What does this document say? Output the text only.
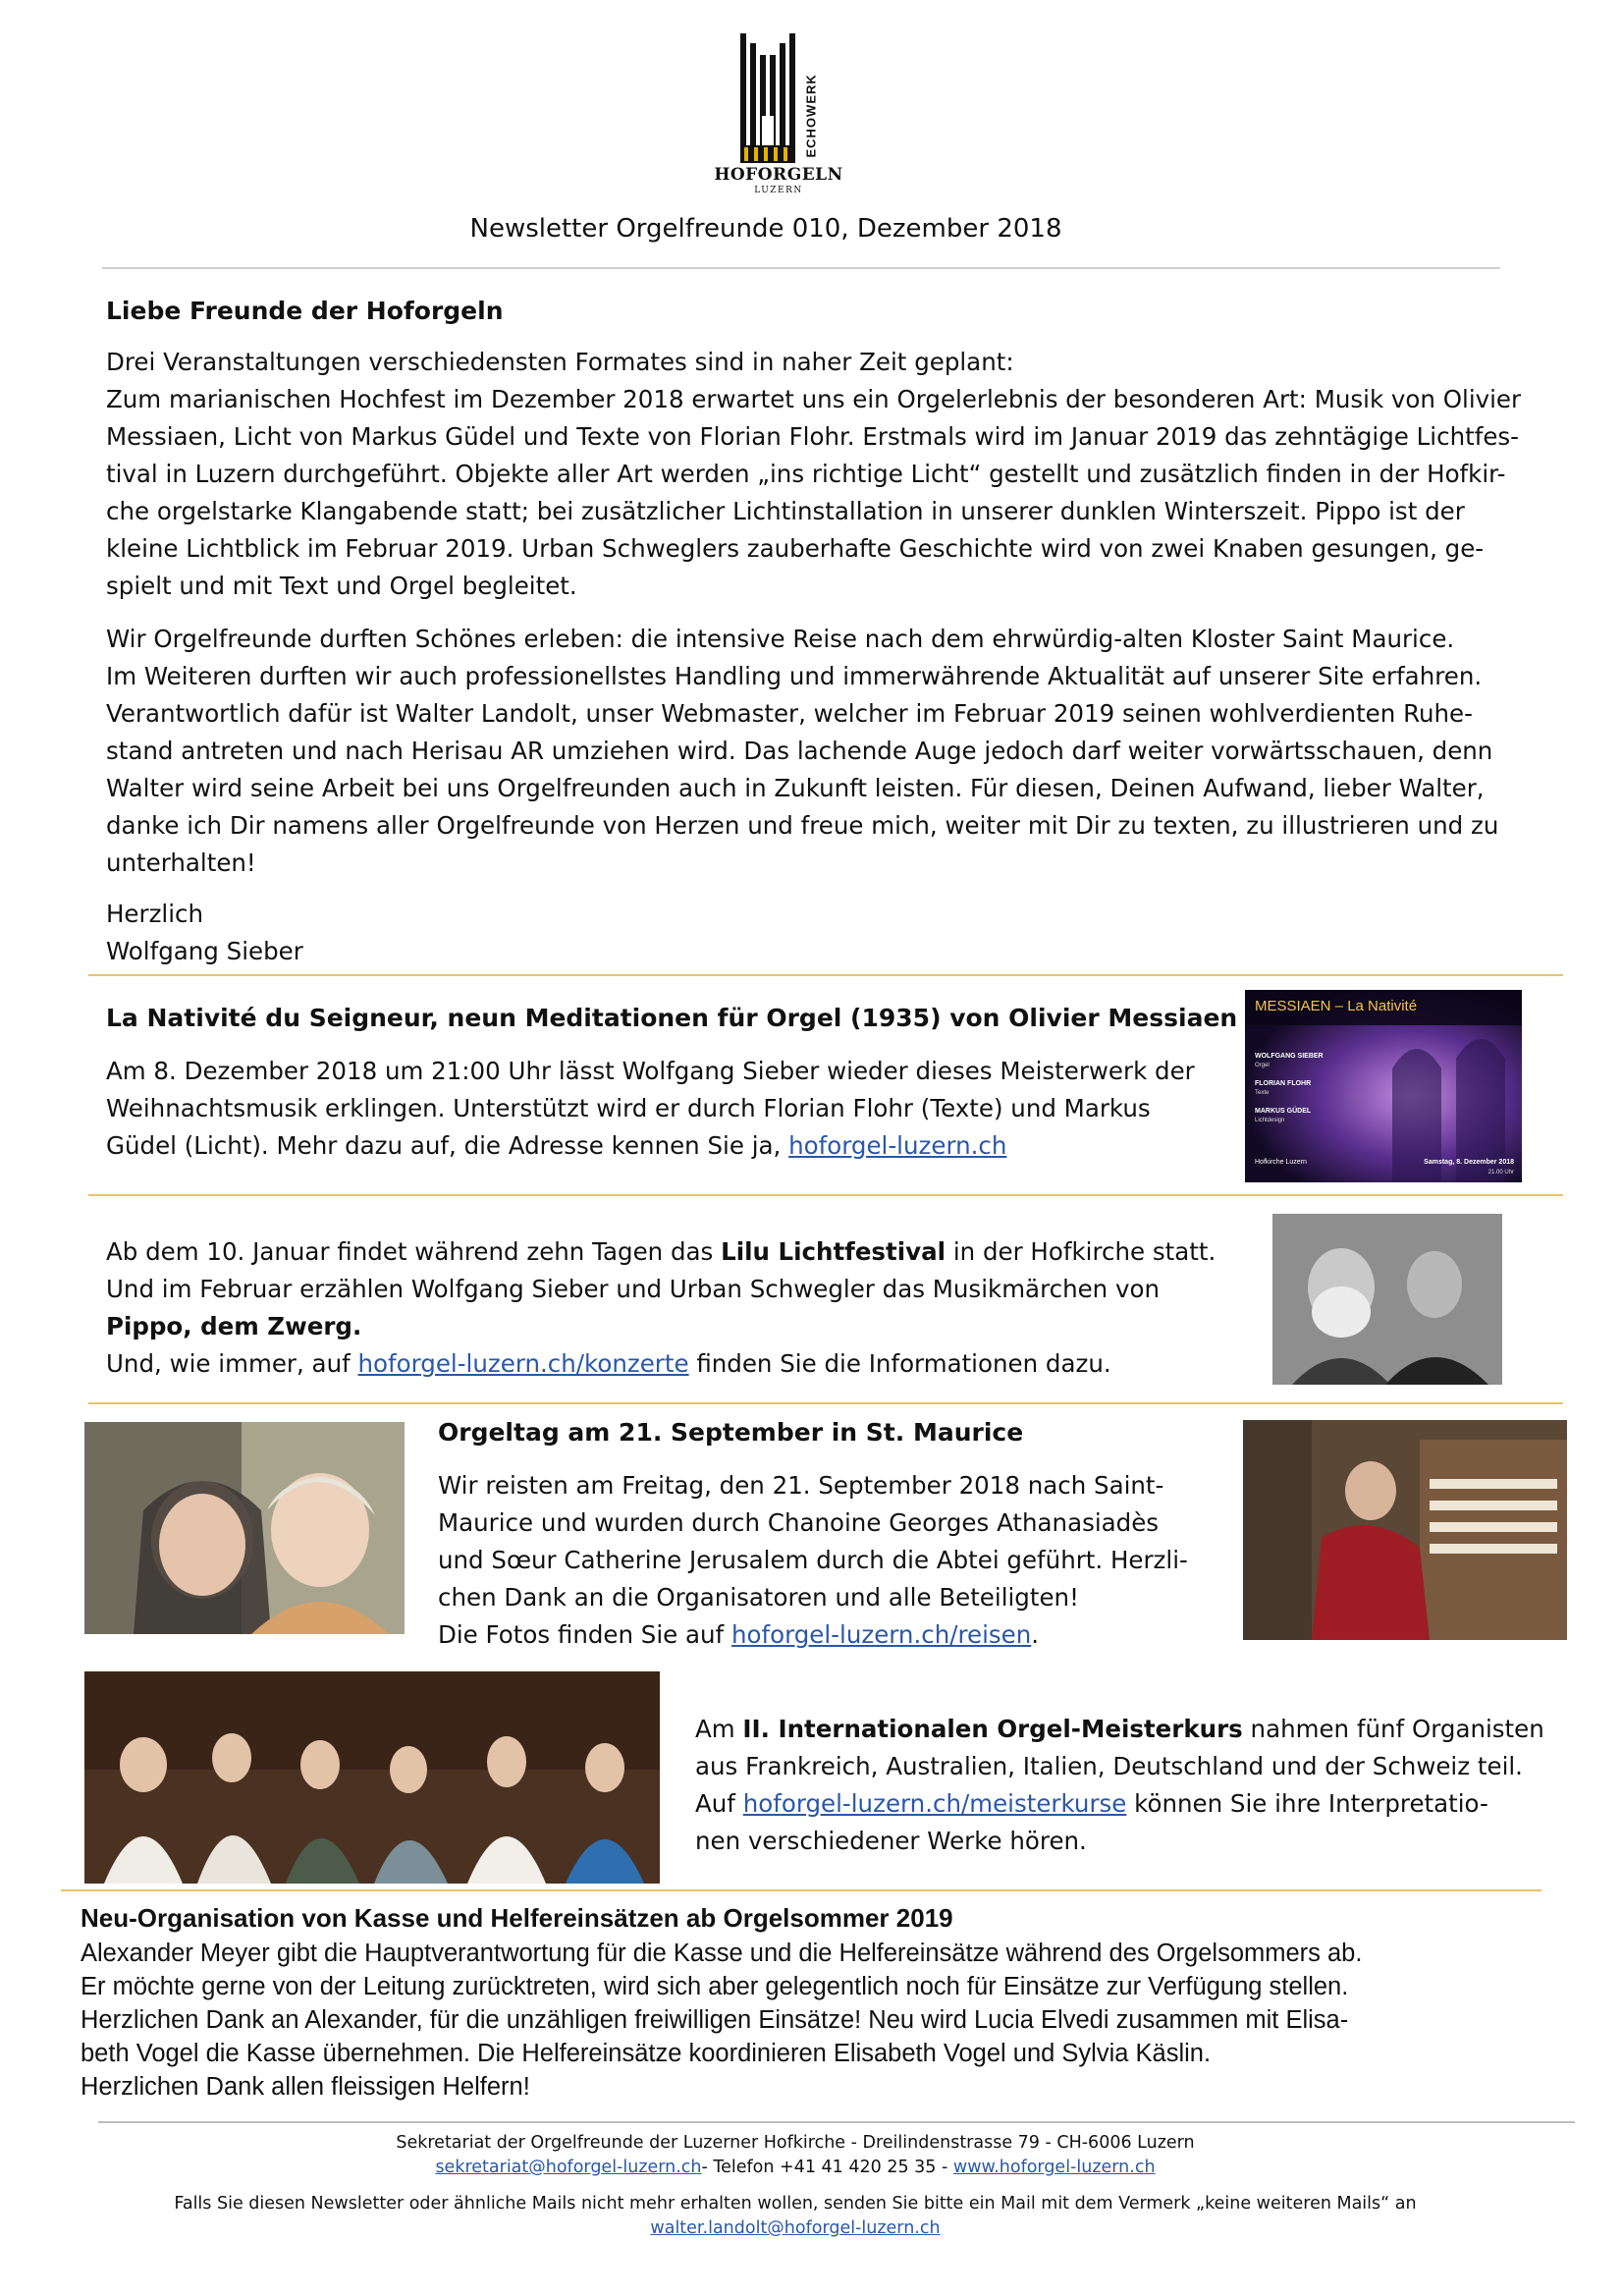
ECHOWERK
HOFORGELN
LUZERN
Newsletter Orgelfreunde 010, Dezember 2018
Liebe Freunde der Hoforgeln
Drei Veranstaltungen verschiedensten Formates sind in naher Zeit geplant:
Zum marianischen Hochfest im Dezember 2018 erwartet uns ein Orgelerlebnis der besonderen Art: Musik von Olivier
Messiaen, Licht von Markus Güdel und Texte von Florian Flohr. Erstmals wird im Januar 2019 das zehntägige Lichtfes-
tival in Luzern durchgeführt. Objekte aller Art werden „ins richtige Licht“ gestellt und zusätzlich finden in der Hofkir-
che orgelstarke Klangabende statt; bei zusätzlicher Lichtinstallation in unserer dunklen Winterszeit. Pippo ist der
kleine Lichtblick im Februar 2019. Urban Schweglers zauberhafte Geschichte wird von zwei Knaben gesungen, ge-
spielt und mit Text und Orgel begleitet.
Wir Orgelfreunde durften Schönes erleben: die intensive Reise nach dem ehrwürdig-alten Kloster Saint Maurice.
Im Weiteren durften wir auch professionellstes Handling und immerwährende Aktualität auf unserer Site erfahren.
Verantwortlich dafür ist Walter Landolt, unser Webmaster, welcher im Februar 2019 seinen wohlverdienten Ruhe-
stand antreten und nach Herisau AR umziehen wird. Das lachende Auge jedoch darf weiter vorwärtsschauen, denn
Walter wird seine Arbeit bei uns Orgelfreunden auch in Zukunft leisten. Für diesen, Deinen Aufwand, lieber Walter,
danke ich Dir namens aller Orgelfreunde von Herzen und freue mich, weiter mit Dir zu texten, zu illustrieren und zu
unterhalten!
Herzlich
Wolfgang Sieber
La Nativité du Seigneur, neun Meditationen für Orgel (1935) von Olivier Messiaen
Am 8. Dezember 2018 um 21:00 Uhr lässt Wolfgang Sieber wieder dieses Meisterwerk der
Weihnachtsmusik erklingen. Unterstützt wird er durch Florian Flohr (Texte) und Markus
Güdel (Licht). Mehr dazu auf, die Adresse kennen Sie ja, hoforgel-luzern.ch
MESSIAEN – La Nativité
WOLFGANG SIEBER
Orgel
FLORIAN FLOHR
Texte
MARKUS GÜDEL
Lichtdesign
Hofkirche Luzern	Samstag, 8. Dezember 2018
21.00 Uhr
Ab dem 10. Januar findet während zehn Tagen das Lilu Lichtfestival in der Hofkirche statt.
Und im Februar erzählen Wolfgang Sieber und Urban Schwegler das Musikmärchen von
Pippo, dem Zwerg.
Und, wie immer, auf hoforgel-luzern.ch/konzerte finden Sie die Informationen dazu.
Orgeltag am 21. September in St. Maurice
Wir reisten am Freitag, den 21. September 2018 nach Saint-
Maurice und wurden durch Chanoine Georges Athanasiadès
und Sœur Catherine Jerusalem durch die Abtei geführt. Herzli-
chen Dank an die Organisatoren und alle Beteiligten!
Die Fotos finden Sie auf hoforgel-luzern.ch/reisen.
Am II. Internationalen Orgel-Meisterkurs nahmen fünf Organisten
aus Frankreich, Australien, Italien, Deutschland und der Schweiz teil.
Auf hoforgel-luzern.ch/meisterkurse können Sie ihre Interpretatio-
nen verschiedener Werke hören.
Neu-Organisation von Kasse und Helfereinsätzen ab Orgelsommer 2019
Alexander Meyer gibt die Hauptverantwortung für die Kasse und die Helfereinsätze während des Orgelsommers ab.
Er möchte gerne von der Leitung zurücktreten, wird sich aber gelegentlich noch für Einsätze zur Verfügung stellen.
Herzlichen Dank an Alexander, für die unzähligen freiwilligen Einsätze! Neu wird Lucia Elvedi zusammen mit Elisa-
beth Vogel die Kasse übernehmen. Die Helfereinsätze koordinieren Elisabeth Vogel und Sylvia Käslin.
Herzlichen Dank allen fleissigen Helfern!
Sekretariat der Orgelfreunde der Luzerner Hofkirche - Dreilindenstrasse 79 - CH-6006 Luzern
sekretariat@hoforgel-luzern.ch- Telefon +41 41 420 25 35 - www.hoforgel-luzern.ch
Falls Sie diesen Newsletter oder ähnliche Mails nicht mehr erhalten wollen, senden Sie bitte ein Mail mit dem Vermerk „keine weiteren Mails“ an
walter.landolt@hoforgel-luzern.ch
